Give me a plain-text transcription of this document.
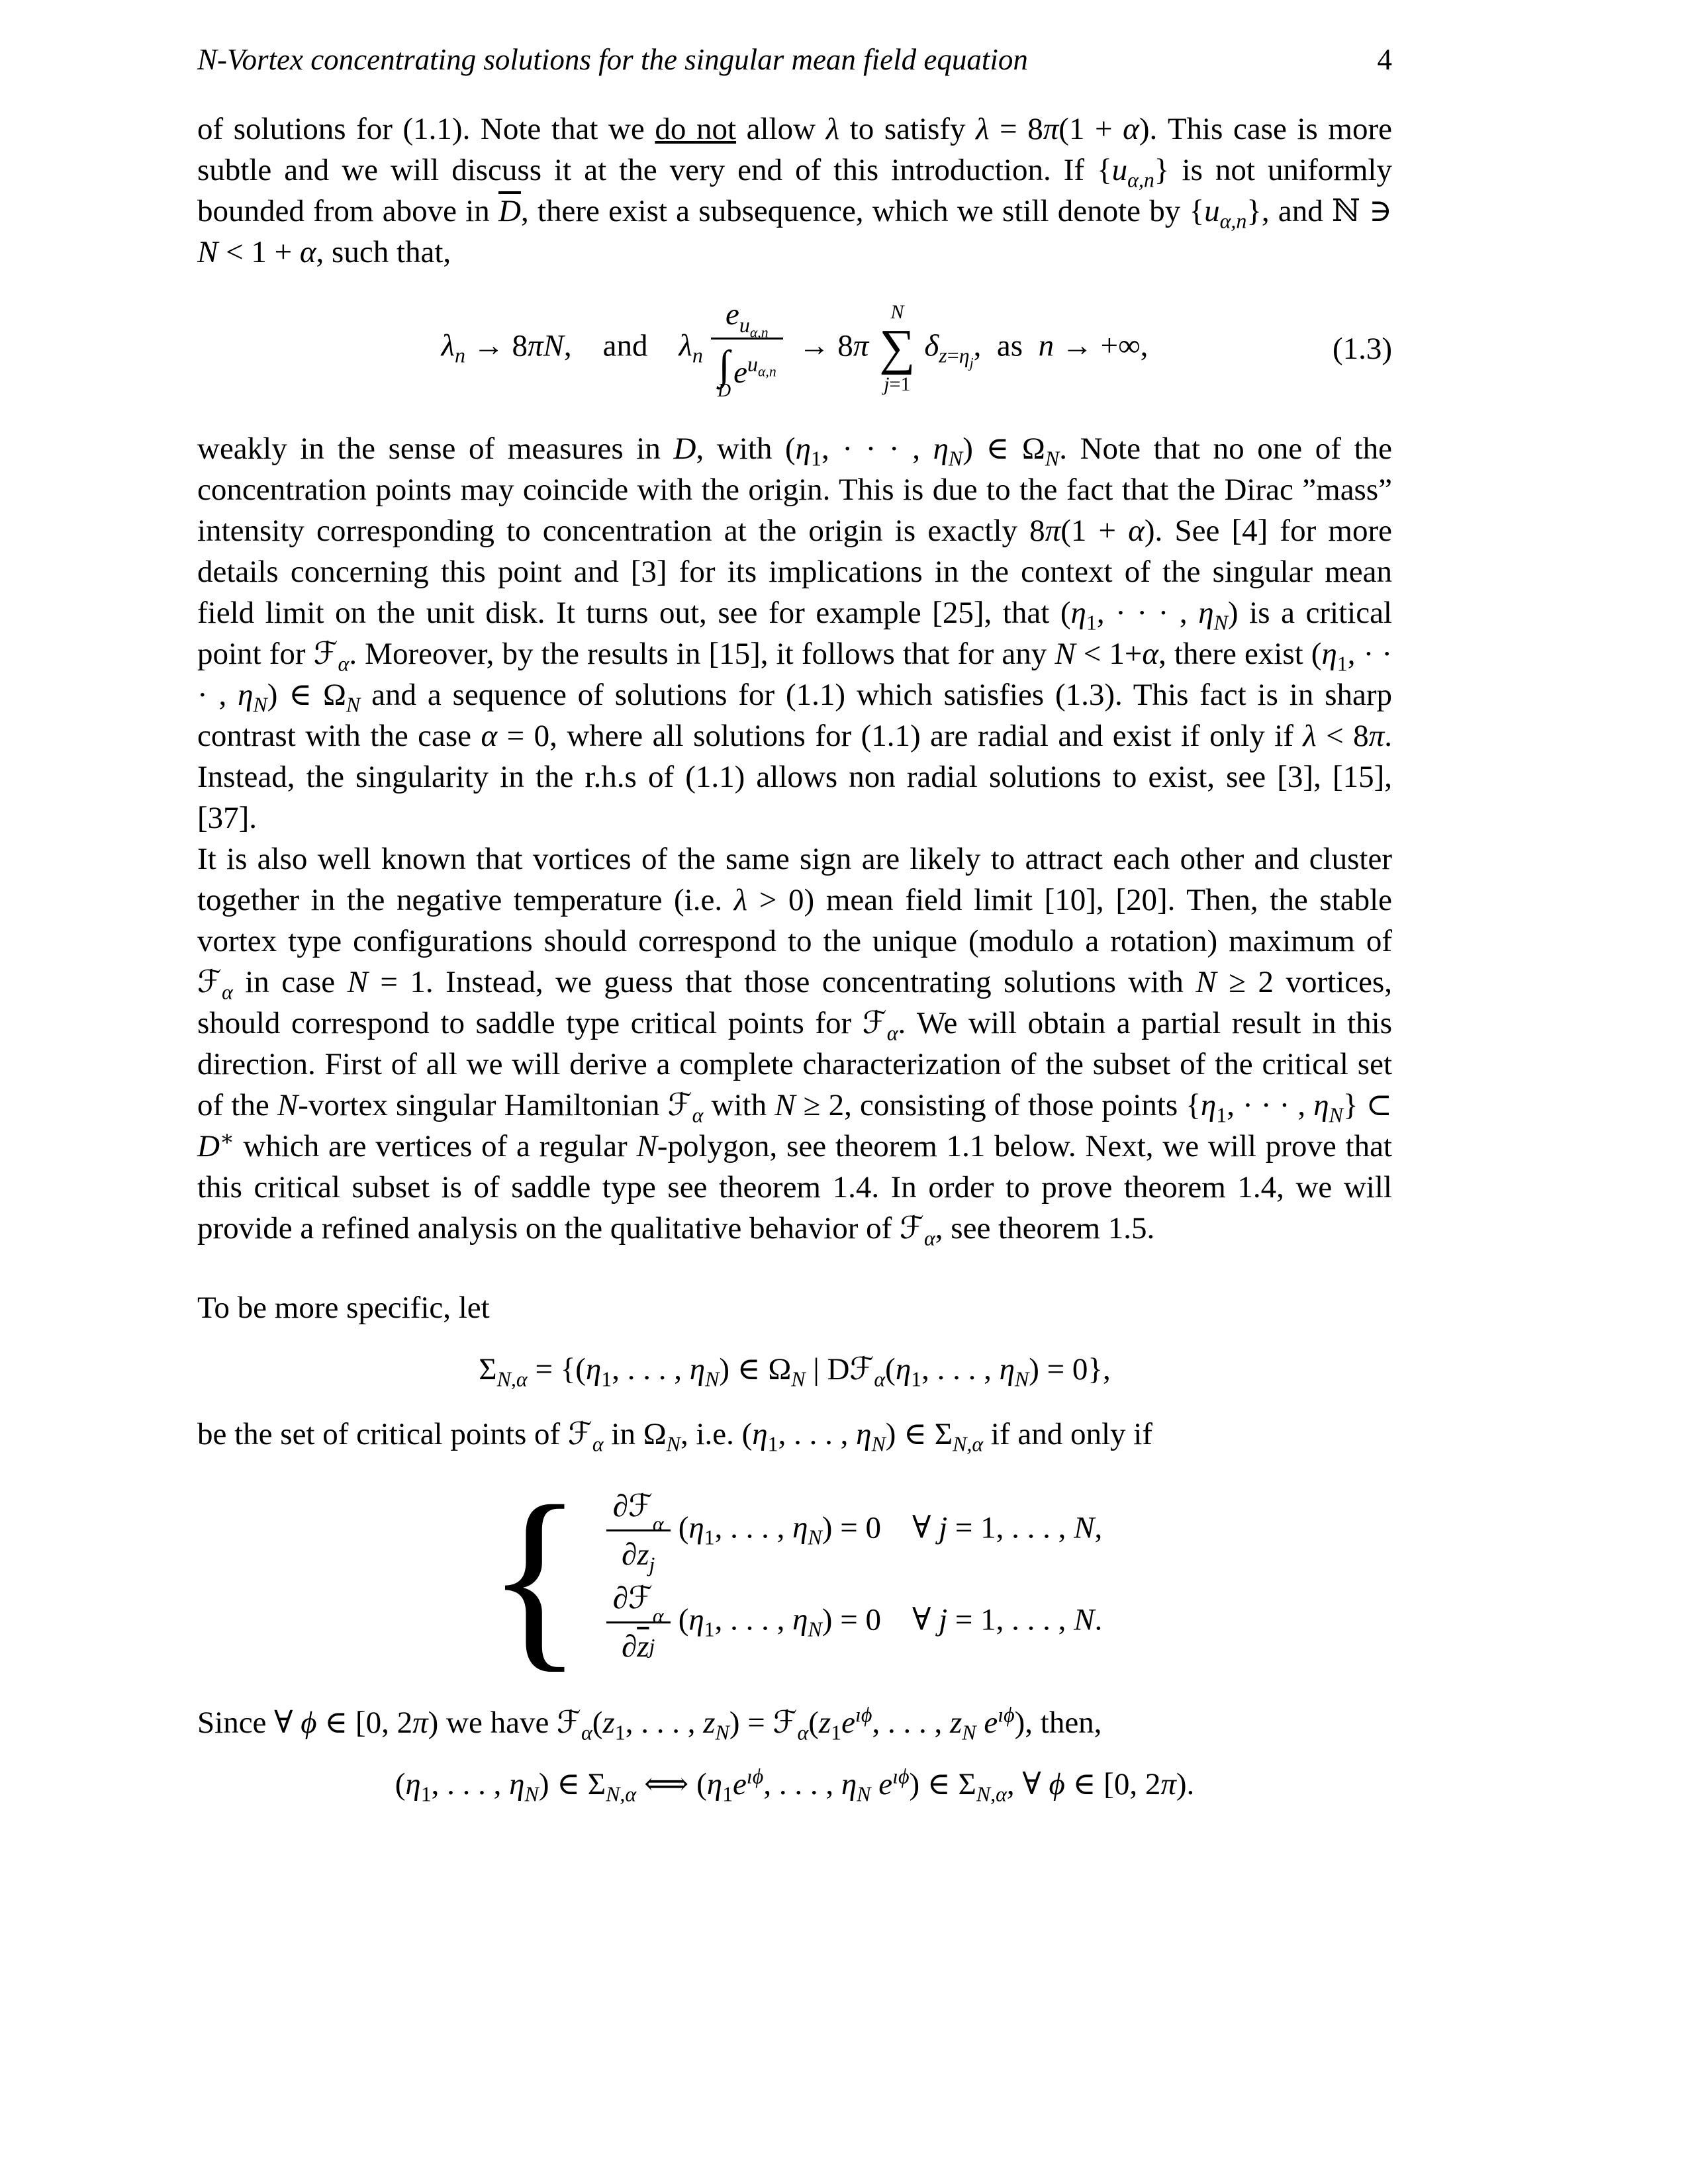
N-Vortex concentrating solutions for the singular mean field equation	4

of solutions for (1.1). Note that we do not allow λ to satisfy λ = 8π(1 + α). This case is more subtle and we will discuss it at the very end of this introduction. If $\{u_{\alpha,n}\}$ is not uniformly bounded from above in $\overline{D}$, there exist a subsequence, which we still denote by $\{u_{\alpha,n}\}$, and ℕ ∋ N < 1 + α, such that,

$\lambda_n \to 8\pi N$, and $\lambda_n$ e $_{u_{\alpha,n}}$
∫
D
$e^{u_{\alpha,n}} \to 8\pi$
N
∑
j=1
$\delta_{z=\eta_j}$, as n → +∞,	(1.3)

weakly in the sense of measures in D, with ($\eta_1$, · · · , $\eta_N$) ∈ $\Omega_N$. Note that no one of the concentration points may coincide with the origin. This is due to the fact that the Dirac ”mass” intensity corresponding to concentration at the origin is exactly 8π(1 + α). See [4] for more details concerning this point and [3] for its implications in the context of the singular mean field limit on the unit disk. It turns out, see for example [25], that ($\eta_1$, · · · , $\eta_N$) is a critical point for ℱ$_\alpha$. Moreover, by the results in [15], it follows that for any N < 1+α, there exist ($\eta_1$, · · · , $\eta_N$) ∈ $\Omega_N$ and a sequence of solutions for (1.1) which satisfies (1.3). This fact is in sharp contrast with the case α = 0, where all solutions for (1.1) are radial and exist if only if λ < 8π. Instead, the singularity in the r.h.s of (1.1) allows non radial solutions to exist, see [3], [15], [37].

It is also well known that vortices of the same sign are likely to attract each other and cluster together in the negative temperature (i.e. λ > 0) mean field limit [10], [20]. Then, the stable vortex type configurations should correspond to the unique (modulo a rotation) maximum of ℱ$_\alpha$ in case N = 1. Instead, we guess that those concentrating solutions with N ≥ 2 vortices, should correspond to saddle type critical points for ℱ$_\alpha$. We will obtain a partial result in this direction. First of all we will derive a complete characterization of the subset of the critical set of the N-vortex singular Hamiltonian ℱ$_\alpha$ with N ≥ 2, consisting of those points {$\eta_1$, · · · , $\eta_N$} ⊂ D∗ which are vertices of a regular N-polygon, see theorem 1.1 below. Next, we will prove that this critical subset is of saddle type see theorem 1.4. In order to prove theorem 1.4, we will provide a refined analysis on the qualitative behavior of ℱ$_\alpha$, see theorem 1.5.

To be more specific, let

$\Sigma_{N,\alpha} = \{(\eta_1$, . . . , $\eta_N$) ∈ $\Omega_N$ | $Dℱ_\alpha(\eta_1$, . . . , $\eta_N) = 0$},

be the set of critical points of ℱ$_\alpha$ in $\Omega_N$, i.e. ($\eta_1$, . . . , $\eta_N$) ∈ $\Sigma_{N,\alpha}$ if and only if

{ ∂ℱ
α
∂ $z_j$ ($\eta_1$, . . . , $\eta_N) = 0$ ∀ j = 1, . . . , N,
∂ℱ
α
∂ $\overline{z}$ j ($\eta_1$, . . . , $\eta_N) = 0$ ∀ j = 1, . . . , N.

Since ∀ ϕ ∈ [0, 2π) we have $ℱ_\alpha(z_1$, . . . , $z_N$) = $ℱ_\alpha(z_1e^{ı\phi}$, . . . , $z_N$ $e^{ı\phi}$), then,

($\eta_1$, . . . , $\eta_N$) ∈ $\Sigma_{N,\alpha}$ ⟺ ($\eta_1e^{ı\phi}$, . . . , $\eta_N$ $e^{ı\phi}$) ∈ $\Sigma_{N,\alpha}$, ∀ ϕ ∈ [0, 2π).
